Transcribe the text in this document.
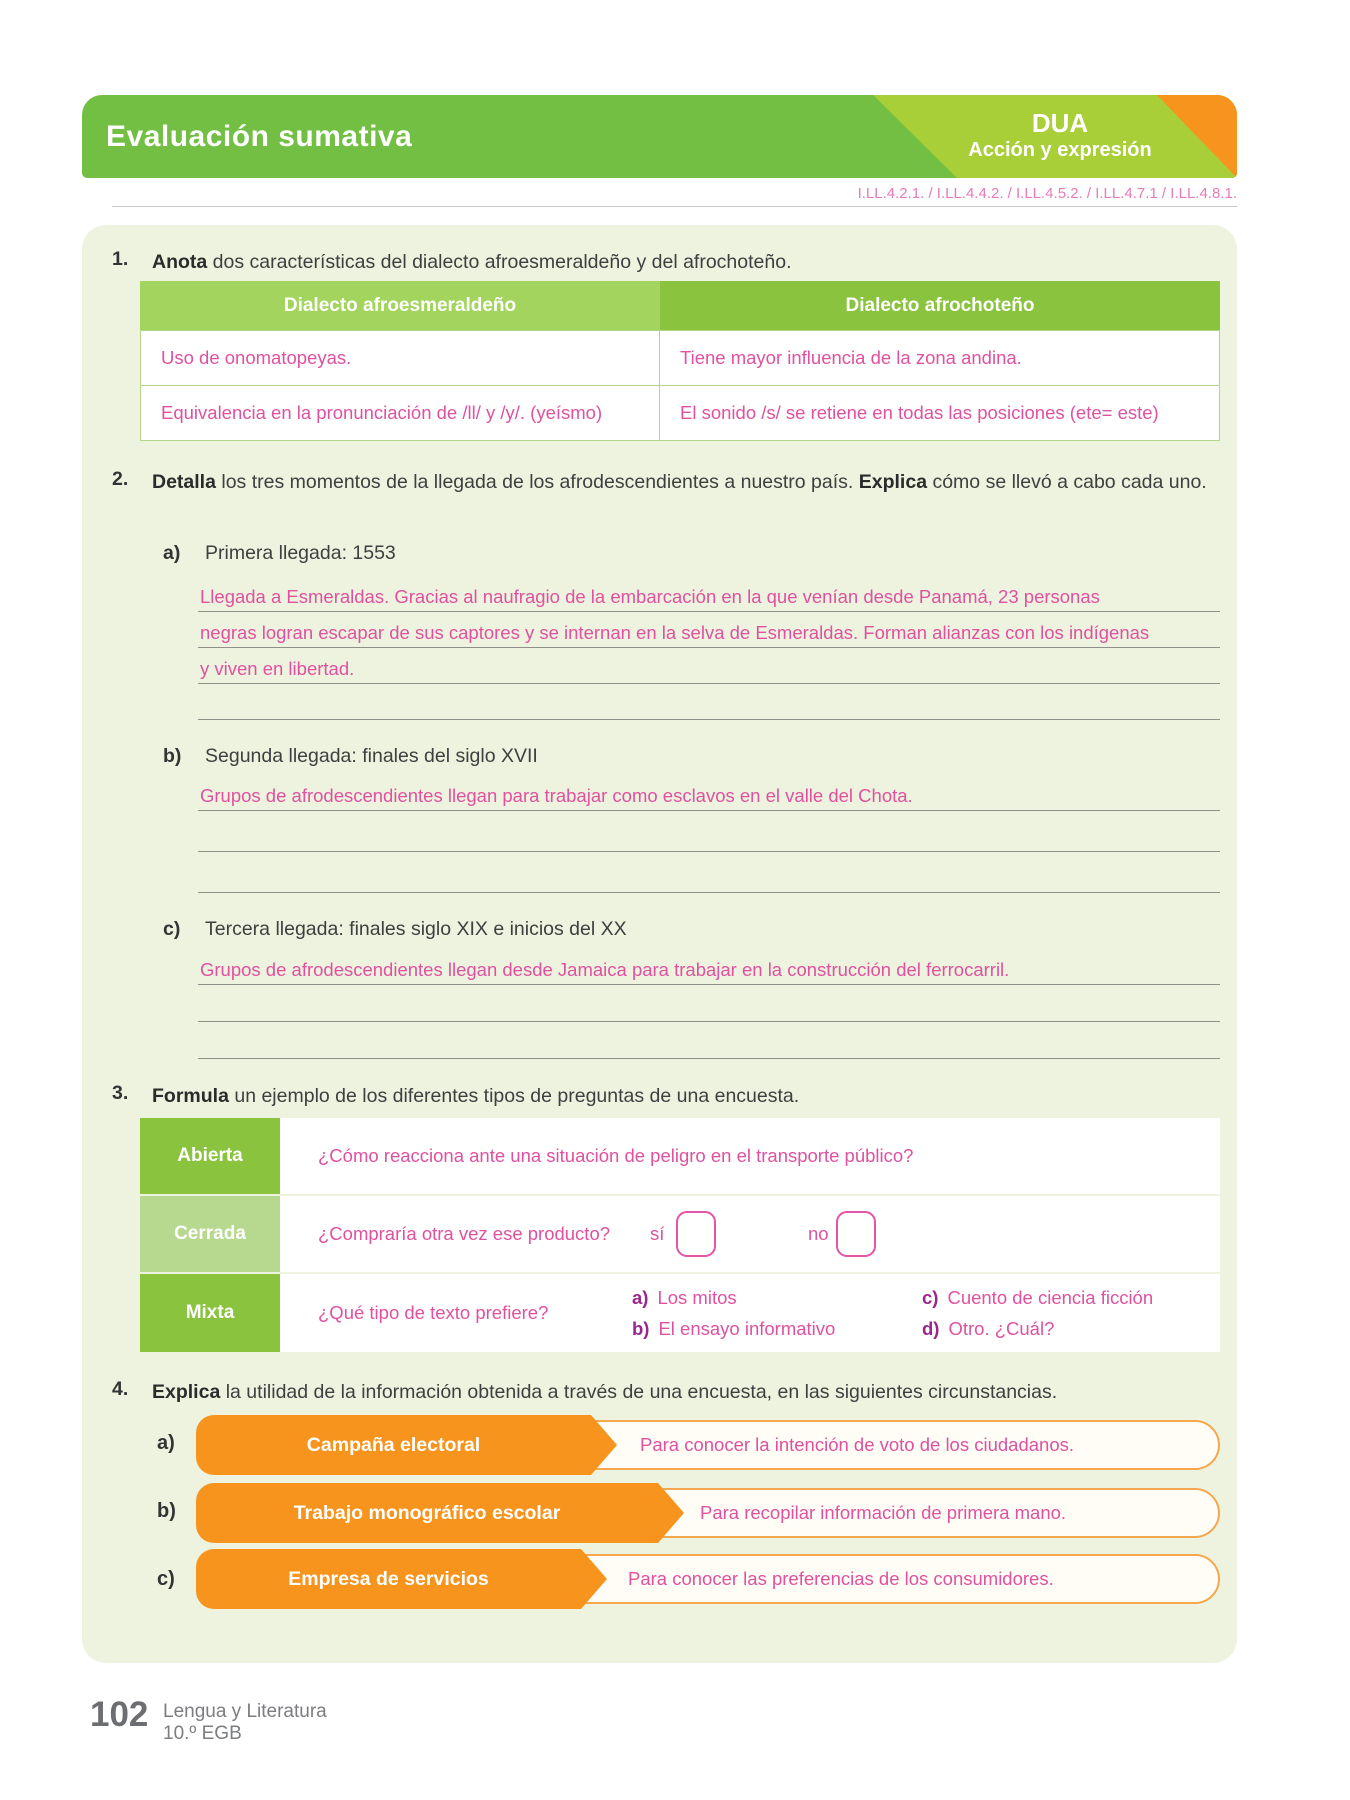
Evaluación sumativa	DUA
Acción y expresión
I.LL.4.2.1. / I.LL.4.4.2. / I.LL.4.5.2. / I.LL.4.7.1 / I.LL.4.8.1.
1. Anota dos características del dialecto afroesmeraldeño y del afrochoteño.
Dialecto afroesmeraldeño	Dialecto afrochoteño
Uso de onomatopeyas.	Tiene mayor influencia de la zona andina.
Equivalencia en la pronunciación de /ll/ y /y/. (yeísmo)	El sonido /s/ se retiene en todas las posiciones (ete= este)
2. Detalla los tres momentos de la llegada de los afrodescendientes a nuestro país. Explica cómo se llevó a cabo cada uno.
a) Primera llegada: 1553
Llegada a Esmeraldas. Gracias al naufragio de la embarcación en la que venían desde Panamá, 23 personas
negras logran escapar de sus captores y se internan en la selva de Esmeraldas. Forman alianzas con los indígenas
y viven en libertad.
b) Segunda llegada: finales del siglo XVII
Grupos de afrodescendientes llegan para trabajar como esclavos en el valle del Chota.
c) Tercera llegada: finales siglo XIX e inicios del XX
Grupos de afrodescendientes llegan desde Jamaica para trabajar en la construcción del ferrocarril.
3. Formula un ejemplo de los diferentes tipos de preguntas de una encuesta.
Abierta	¿Cómo reacciona ante una situación de peligro en el transporte público?
Cerrada	¿Compraría otra vez ese producto? sí	no
Mixta	¿Qué tipo de texto prefiere?
a) Los mitos
b) El ensayo informativo
c) Cuento de ciencia ficción
d) Otro. ¿Cuál?
4. Explica la utilidad de la información obtenida a través de una encuesta, en las siguientes circunstancias.
a)	Campaña electoral	Para conocer la intención de voto de los ciudadanos.
b)	Trabajo monográfico escolar	Para recopilar información de primera mano.
c)	Empresa de servicios	Para conocer las preferencias de los consumidores.
102 Lengua y Literatura
10.º EGB
